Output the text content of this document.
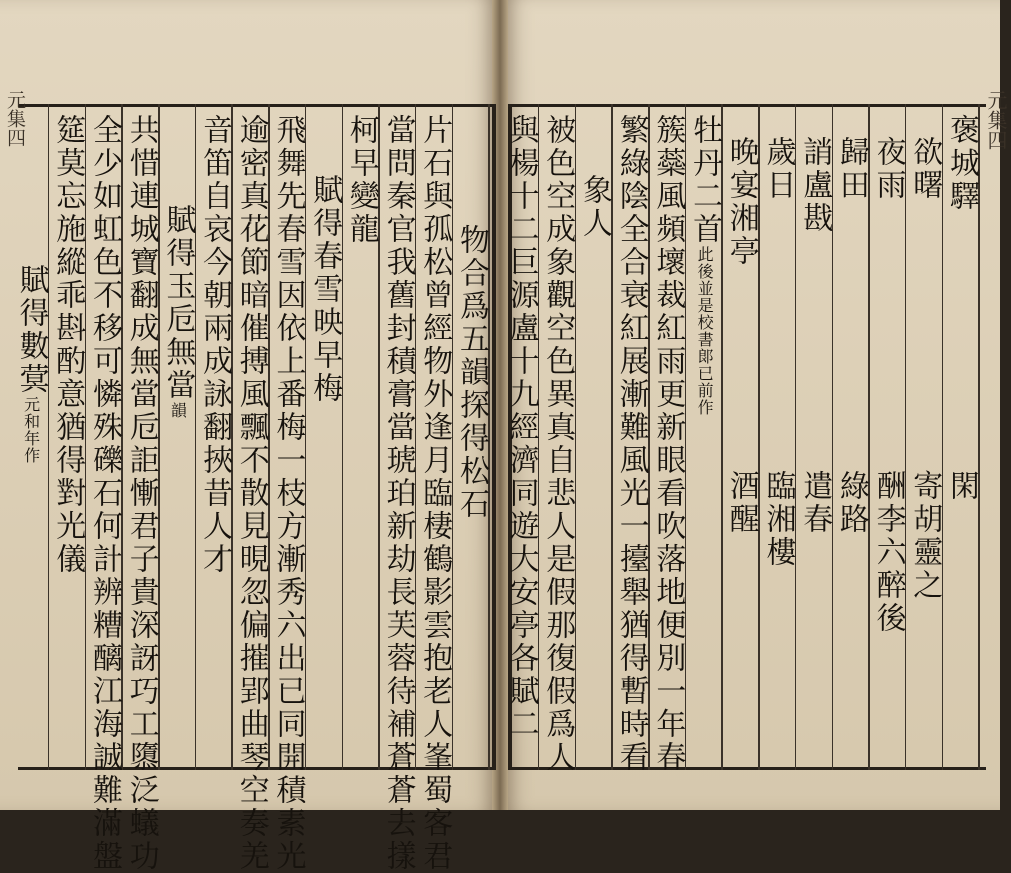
元集四	元集四
褒城驛
閑
欲曙
寄胡靈之
夜雨
酬李六醉後
歸田
綠路
誚盧戡
遣春
歲日
臨湘樓
晚宴湘亭
酒醒
牡丹二首此後並是校書郞已前作
簇蘂風頻壞裁紅雨更新眼看吹落地便別一年春
繁綠陰全合衰紅展漸難風光一擡舉猶得暫時看
象人
被色空成象觀空色異真自悲人是假那復假爲人
與楊十二巨源盧十九經濟同遊大安亭各賦二
物合爲五韻探得松石
片石與孤松曾經物外逢月臨棲鶴影雲抱老人峯蜀客君
當問秦官我舊封積膏當琥珀新劫長芙蓉待補蒼蒼去㨾
柯早變龍
賦得春雪映早梅
飛舞先春雪因依上番梅一枝方漸秀六出已同開積素光
逾密真花節暗催搏風飄不散見晛忽偏摧郢曲琴空奏羌
音笛自哀今朝兩成詠翻挾昔人才
賦得玉卮無當韻
共惜連城寶翻成無當卮詎慚君子貴深訝巧工隳泛蟻功
全少如虹色不移可憐殊礫石何計辨糟醨江海誠難滿盤
筵莫忘施縱乖斟酌意猶得對光儀
賦得數蓂元和年作
